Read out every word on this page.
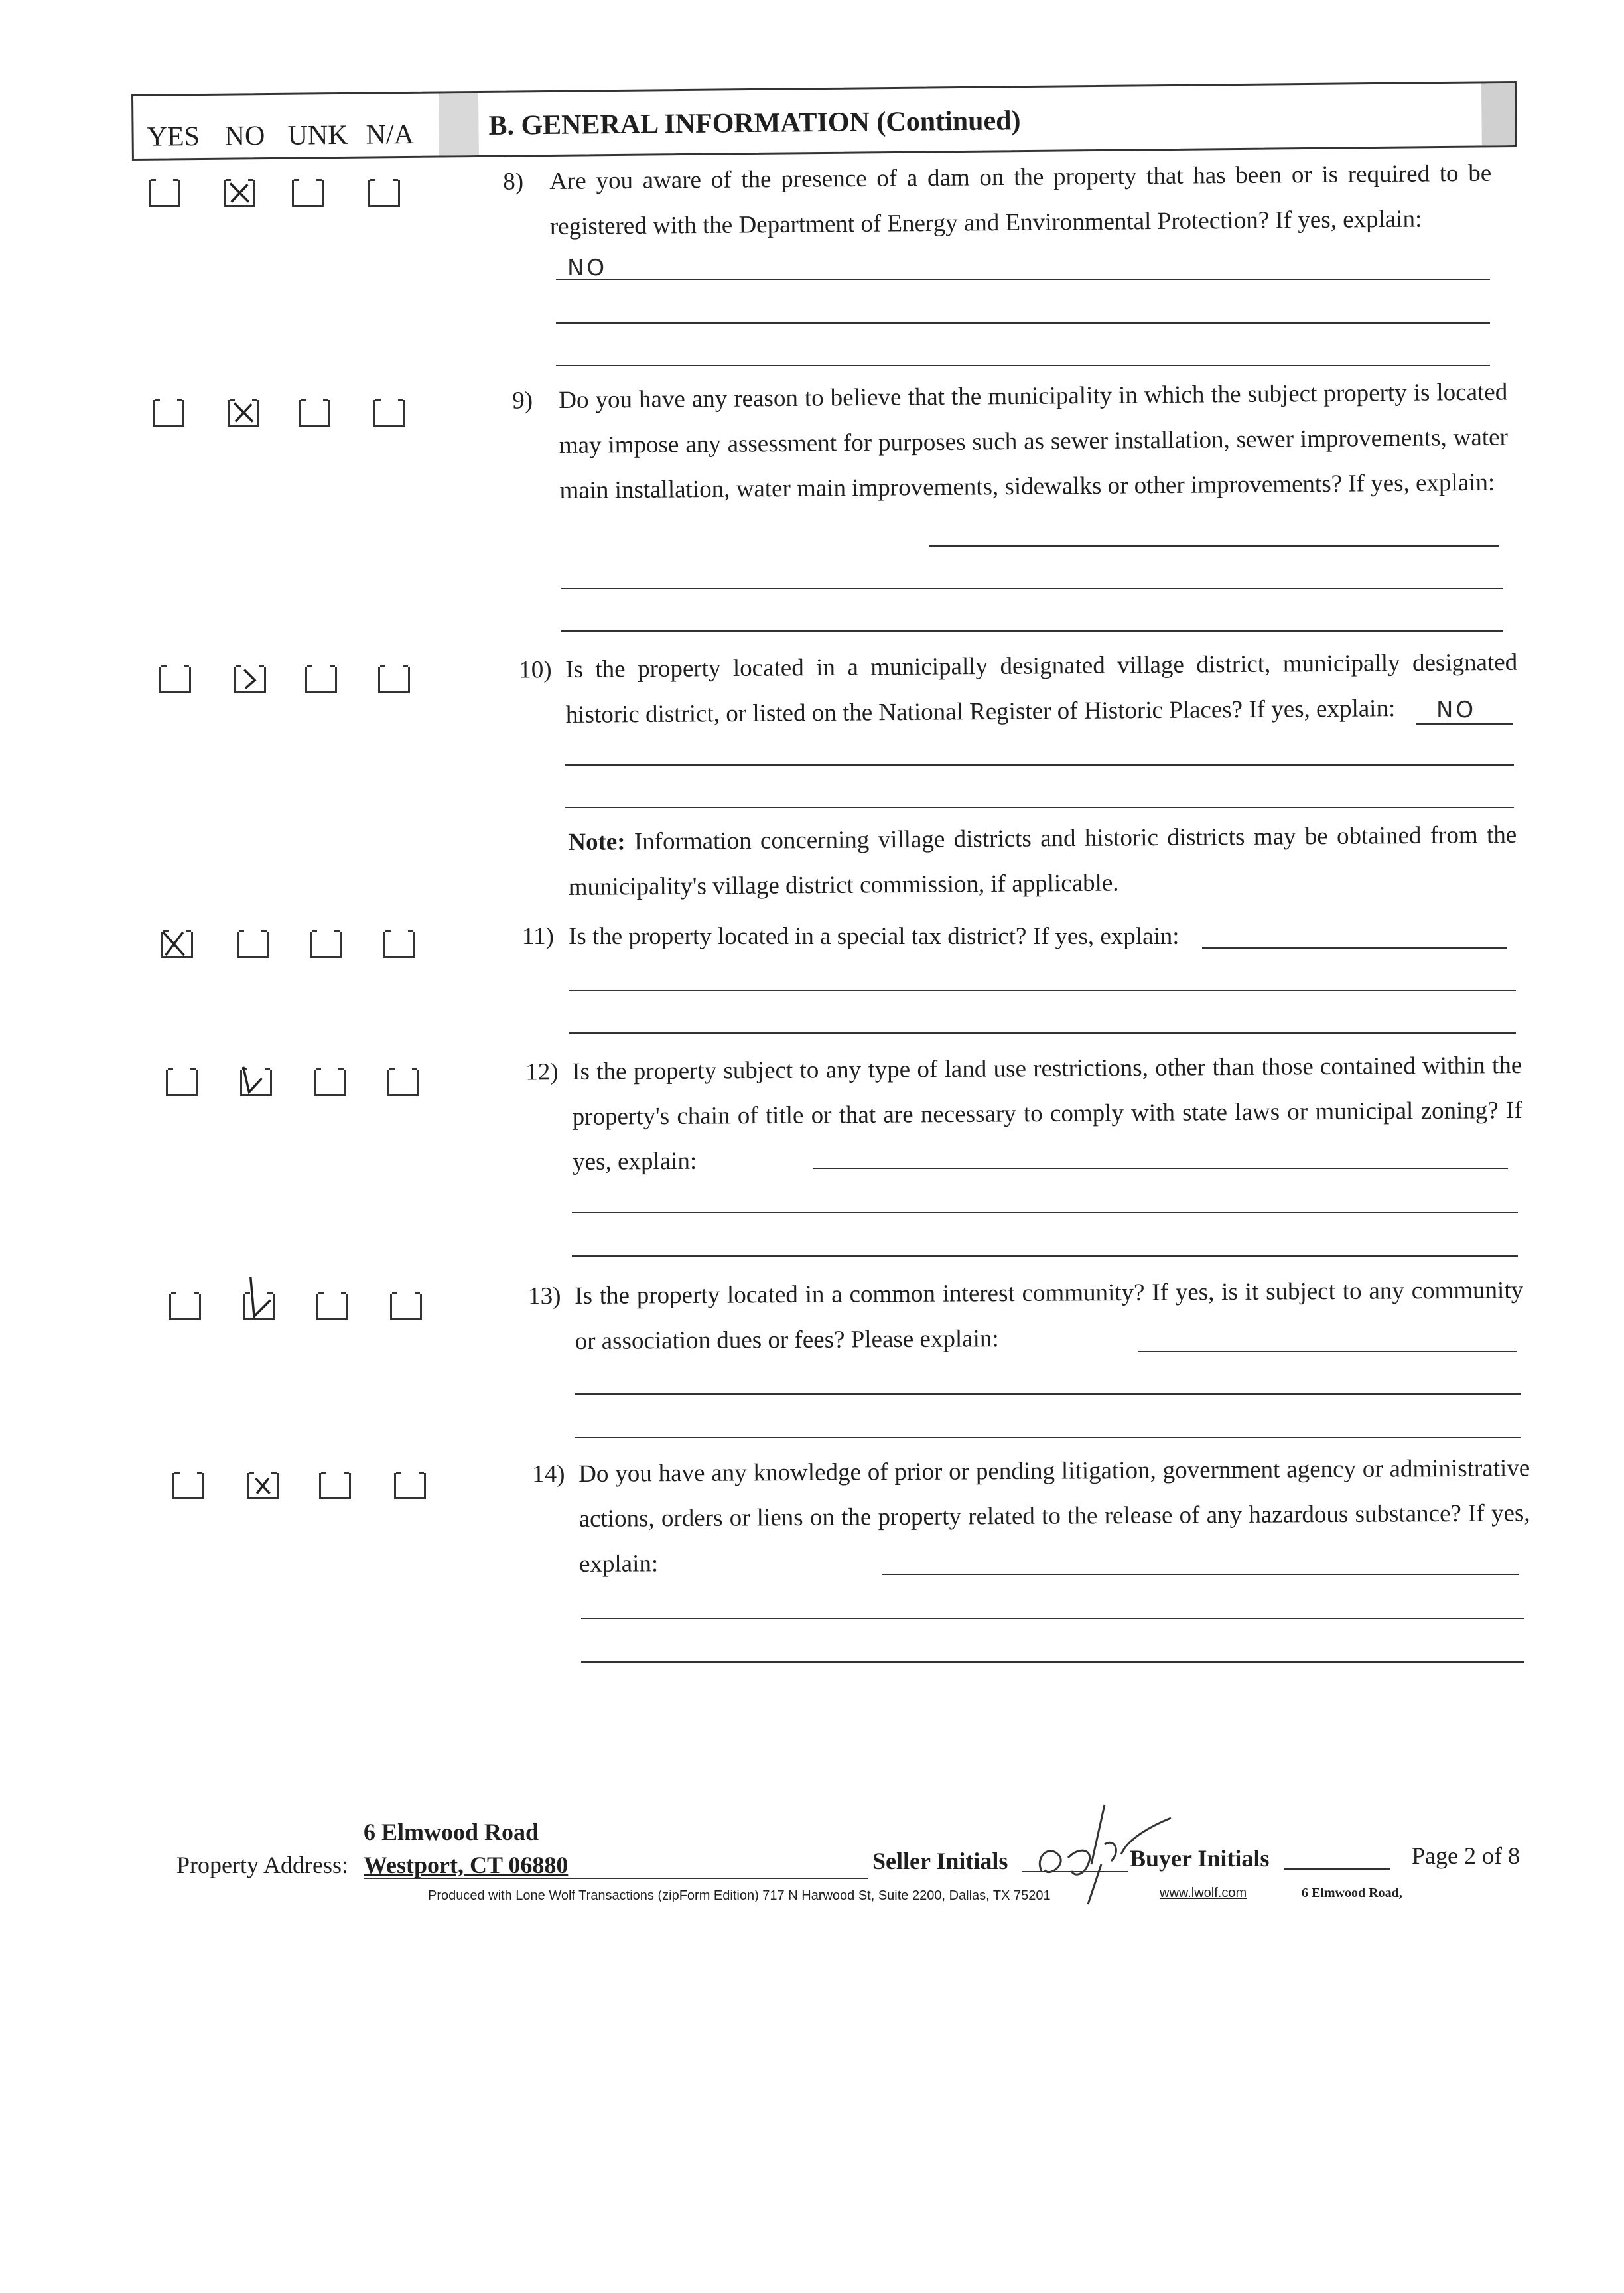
YES NO UNK N/A	B. GENERAL INFORMATION (Continued)
8) Are you aware of the presence of a dam on the property that has been or is required to be registered with the Department of Energy and Environmental Protection? If yes, explain:
NO
9) Do you have any reason to believe that the municipality in which the subject property is located may impose any assessment for purposes such as sewer installation, sewer improvements, water main installation, water main improvements, sidewalks or other improvements? If yes, explain:
10) Is the property located in a municipally designated village district, municipally designated historic district, or listed on the National Register of Historic Places? If yes, explain:	NO
Note: Information concerning village districts and historic districts may be obtained from the municipality's village district commission, if applicable.
11) Is the property located in a special tax district? If yes, explain:
12) Is the property subject to any type of land use restrictions, other than those contained within the property's chain of title or that are necessary to comply with state laws or municipal zoning? If yes, explain:
13) Is the property located in a common interest community? If yes, is it subject to any community or association dues or fees? Please explain:
14) Do you have any knowledge of prior or pending litigation, government agency or administrative actions, orders or liens on the property related to the release of any hazardous substance? If yes, explain:
6 Elmwood Road
Property Address: Westport, CT 06880	Seller Initials	Buyer Initials	Page 2 of 8
Produced with Lone Wolf Transactions (zipForm Edition) 717 N Harwood St, Suite 2200, Dallas, TX 75201	www.lwolf.com	6 Elmwood Road,
